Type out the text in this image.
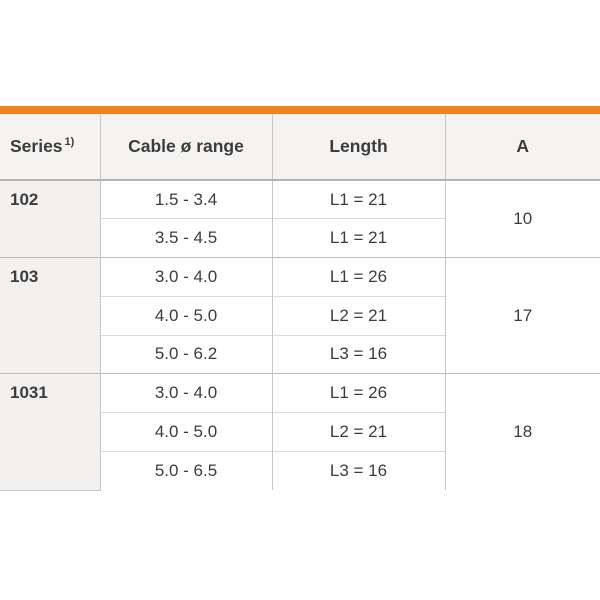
Series $^{1)}$	Cable ø range	Length	A

102	1.5 - 3.4	L1 = 21	10
	3.5 - 4.5	L1 = 21	

103	3.0 - 4.0	L1 = 26	17
	4.0 - 5.0	L2 = 21	
	5.0 - 6.2	L3 = 16	

1031	3.0 - 4.0	L1 = 26	18
	4.0 - 5.0	L2 = 21	
	5.0 - 6.5	L3 = 16	
